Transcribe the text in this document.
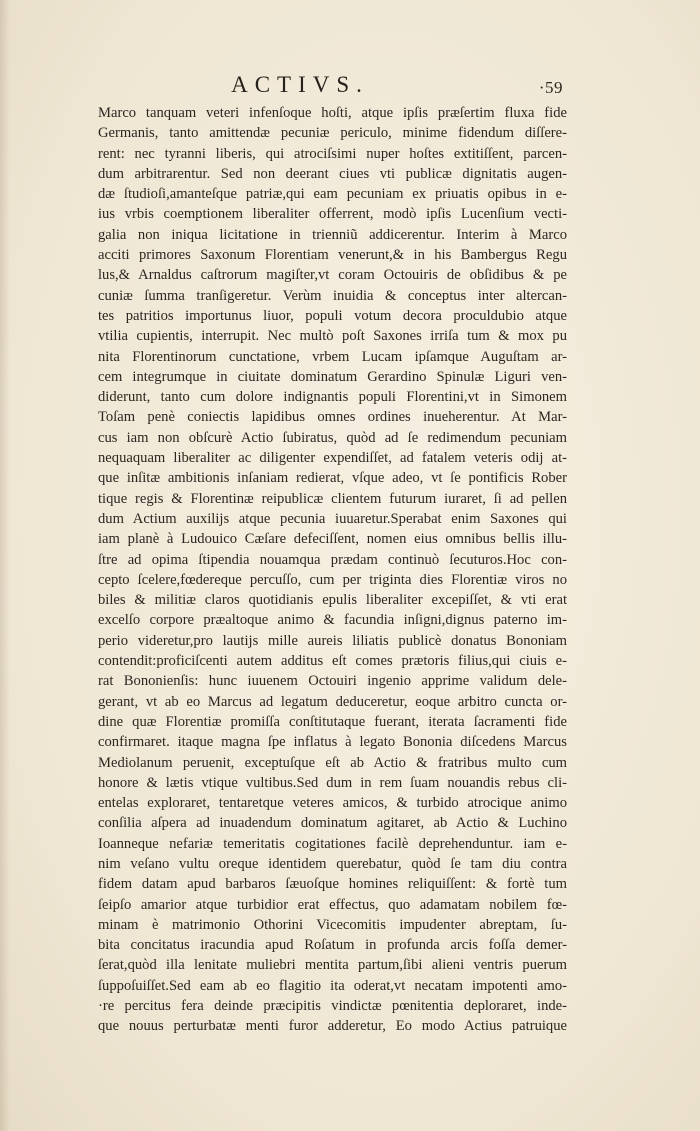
ACTIVS.	·59
Marco tanquam veteri infenſoque hoſti, atque ipſis præſertim fluxa fide
Germanis, tanto amittendæ pecuniæ periculo, minime fidendum diſſere-
rent: nec tyranni liberis, qui atrociſsimi nuper hoſtes extitiſſent, parcen-
dum arbitrarentur. Sed non deerant ciues vti publicæ dignitatis augen-
dæ ſtudioſi,amanteſque patriæ,qui eam pecuniam ex priuatis opibus in e-
ius vrbis coemptionem liberaliter offerrent, modò ipſis Lucenſium vecti-
galia non iniqua licitatione in trienniũ addicerentur. Interim à Marco
acciti primores Saxonum Florentiam venerunt,& in his Bambergus Regu
lus,& Arnaldus caſtrorum magiſter,vt coram Octouiris de obſidibus & pe
cuniæ ſumma tranſigeretur. Verùm inuidia & conceptus inter altercan-
tes patritios importunus liuor, populi votum decora proculdubio atque
vtilia cupientis, interrupit. Nec multò poſt Saxones irriſa tum & mox pu
nita Florentinorum cunctatione, vrbem Lucam ipſamque Auguſtam ar-
cem integrumque in ciuitate dominatum Gerardino Spinulæ Liguri ven-
diderunt, tanto cum dolore indignantis populi Florentini,vt in Simonem
Toſam penè coniectis lapidibus omnes ordines inueherentur. At Mar-
cus iam non obſcurè Actio ſubiratus, quòd ad ſe redimendum pecuniam
nequaquam liberaliter ac diligenter expendiſſet, ad fatalem veteris odij at-
que inſitæ ambitionis inſaniam redierat, vſque adeo, vt ſe pontificis Rober
tique regis & Florentinæ reipublicæ clientem futurum iuraret, ſi ad pellen
dum Actium auxilijs atque pecunia iuuaretur.Sperabat enim Saxones qui
iam planè à Ludouico Cæſare defeciſſent, nomen eius omnibus bellis illu-
ſtre ad opima ſtipendia nouamqua prædam continuò ſecuturos.Hoc con-
cepto ſcelere,fœdereque percuſſo, cum per triginta dies Florentiæ viros no
biles & militiæ claros quotidianis epulis liberaliter excepiſſet, & vti erat
excelſo corpore præaltoque animo & facundia inſigni,dignus paterno im-
perio videretur,pro lautijs mille aureis liliatis publicè donatus Bononiam
contendit:proficiſcenti autem additus eſt comes prætoris filius,qui ciuis e-
rat Bononienſis: hunc iuuenem Octouiri ingenio apprime validum dele-
gerant, vt ab eo Marcus ad legatum deduceretur, eoque arbitro cuncta or-
dine quæ Florentiæ promiſſa conſtitutaque fuerant, iterata ſacramenti fide
confirmaret. itaque magna ſpe inflatus à legato Bononia diſcedens Marcus
Mediolanum peruenit, exceptuſque eſt ab Actio & fratribus multo cum
honore & lætis vtique vultibus.Sed dum in rem ſuam nouandis rebus cli-
entelas exploraret, tentaretque veteres amicos, & turbido atrocique animo
conſilia aſpera ad inuadendum dominatum agitaret, ab Actio & Luchino
Ioanneque nefariæ temeritatis cogitationes facilè deprehenduntur. iam e-
nim veſano vultu oreque identidem querebatur, quòd ſe tam diu contra
fidem datam apud barbaros ſæuoſque homines reliquiſſent: & fortè tum
ſeipſo amarior atque turbidior erat effectus, quo adamatam nobilem fœ-
minam è matrimonio Othorini Vicecomitis impudenter abreptam, ſu-
bita concitatus iracundia apud Roſatum in profunda arcis foſſa demer-
ſerat,quòd illa lenitate muliebri mentita partum,ſibi alieni ventris puerum
ſuppoſuiſſet.Sed eam ab eo flagitio ita oderat,vt necatam impotenti amo-
·re percitus fera deinde præcipitis vindictæ pœnitentia deploraret, inde-
que nouus perturbatæ menti furor adderetur, Eo modo Actius patruique
